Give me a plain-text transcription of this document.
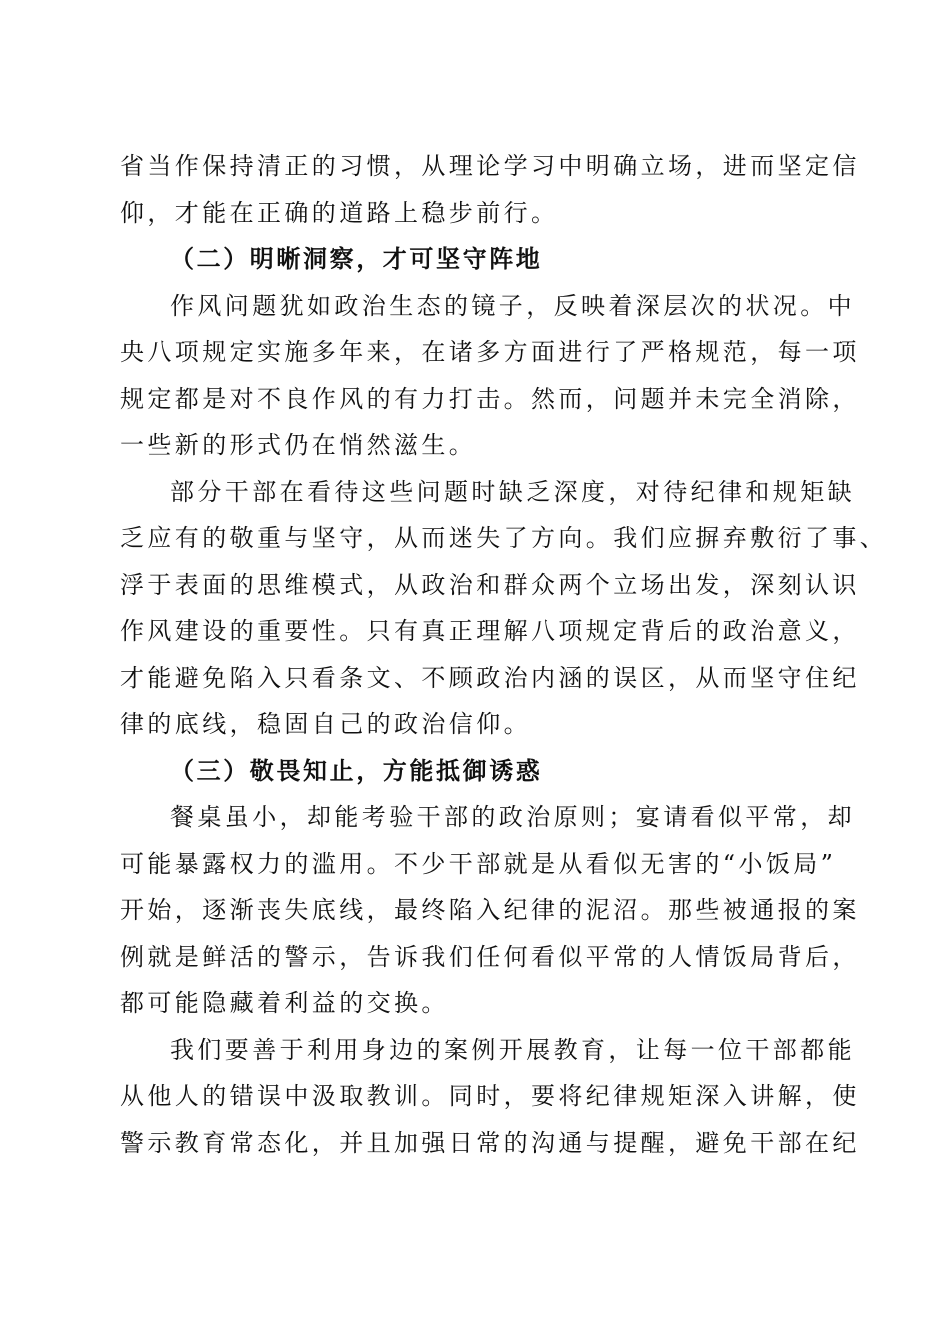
省当作保持清正的习惯，从理论学习中明确立场，进而坚定信
仰，才能在正确的道路上稳步前行。
（二）明晰洞察，才可坚守阵地
作风问题犹如政治生态的镜子，反映着深层次的状况。中
央八项规定实施多年来，在诸多方面进行了严格规范，每一项
规定都是对不良作风的有力打击。然而，问题并未完全消除，
一些新的形式仍在悄然滋生。
部分干部在看待这些问题时缺乏深度，对待纪律和规矩缺
乏应有的敬重与坚守，从而迷失了方向。我们应摒弃敷衍了事、
浮于表面的思维模式，从政治和群众两个立场出发，深刻认识
作风建设的重要性。只有真正理解八项规定背后的政治意义，
才能避免陷入只看条文、不顾政治内涵的误区，从而坚守住纪
律的底线，稳固自己的政治信仰。
（三）敬畏知止，方能抵御诱惑
餐桌虽小，却能考验干部的政治原则；宴请看似平常，却
可能暴露权力的滥用。不少干部就是从看似无害的“小饭局”
开始，逐渐丧失底线，最终陷入纪律的泥沼。那些被通报的案
例就是鲜活的警示，告诉我们任何看似平常的人情饭局背后，
都可能隐藏着利益的交换。
我们要善于利用身边的案例开展教育，让每一位干部都能
从他人的错误中汲取教训。同时，要将纪律规矩深入讲解，使
警示教育常态化，并且加强日常的沟通与提醒，避免干部在纪
